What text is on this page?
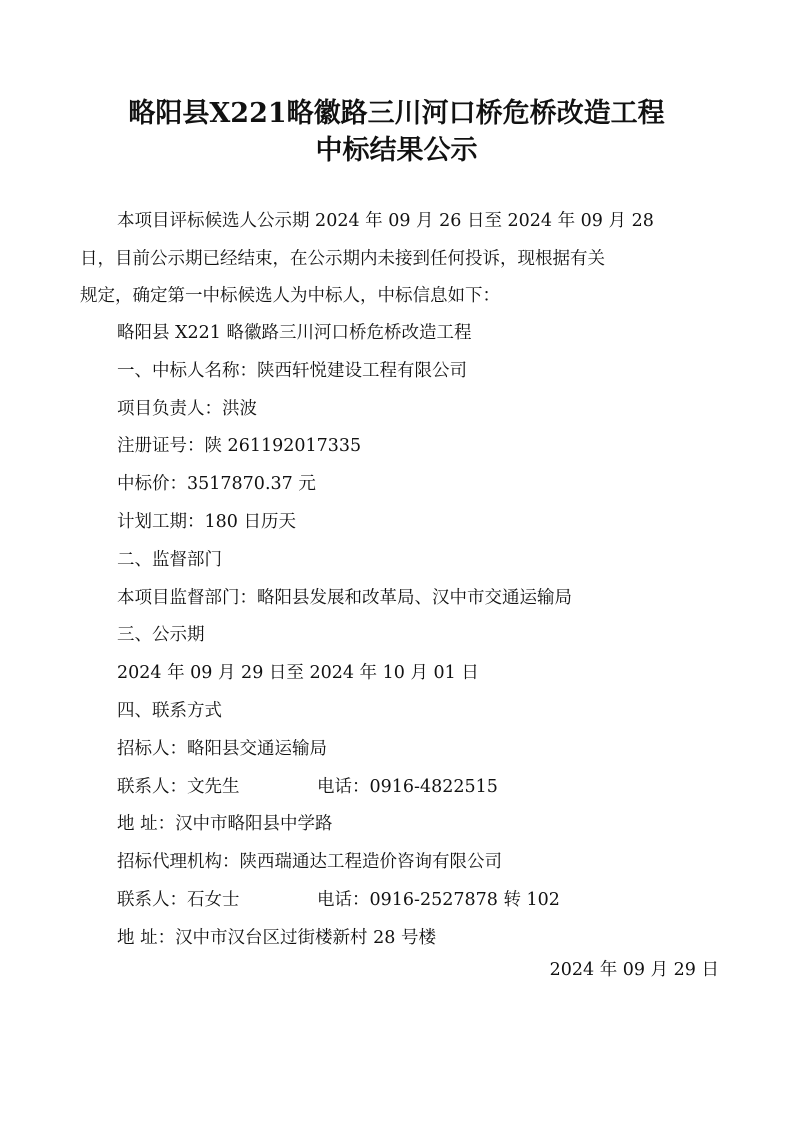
略阳县X221略徽路三川河口桥危桥改造工程
中标结果公示
本项目评标候选人公示期 2024 年 09 月 26 日至 2024 年 09 月 28
日，目前公示期已经结束，在公示期内未接到任何投诉，现根据有关
规定，确定第一中标候选人为中标人，中标信息如下：
略阳县 X221 略徽路三川河口桥危桥改造工程
一、中标人名称：陕西轩悦建设工程有限公司
项目负责人：洪波
注册证号：陕 261192017335
中标价：3517870.37 元
计划工期：180 日历天
二、监督部门
本项目监督部门：略阳县发展和改革局、汉中市交通运输局
三、公示期
2024 年 09 月 29 日至 2024 年 10 月 01 日
四、联系方式
招标人：略阳县交通运输局
联系人：文先生	电话：0916-4822515
地 址：汉中市略阳县中学路
招标代理机构：陕西瑞通达工程造价咨询有限公司
联系人：石女士	电话：0916-2527878 转 102
地 址：汉中市汉台区过街楼新村 28 号楼
2024 年 09 月 29 日
